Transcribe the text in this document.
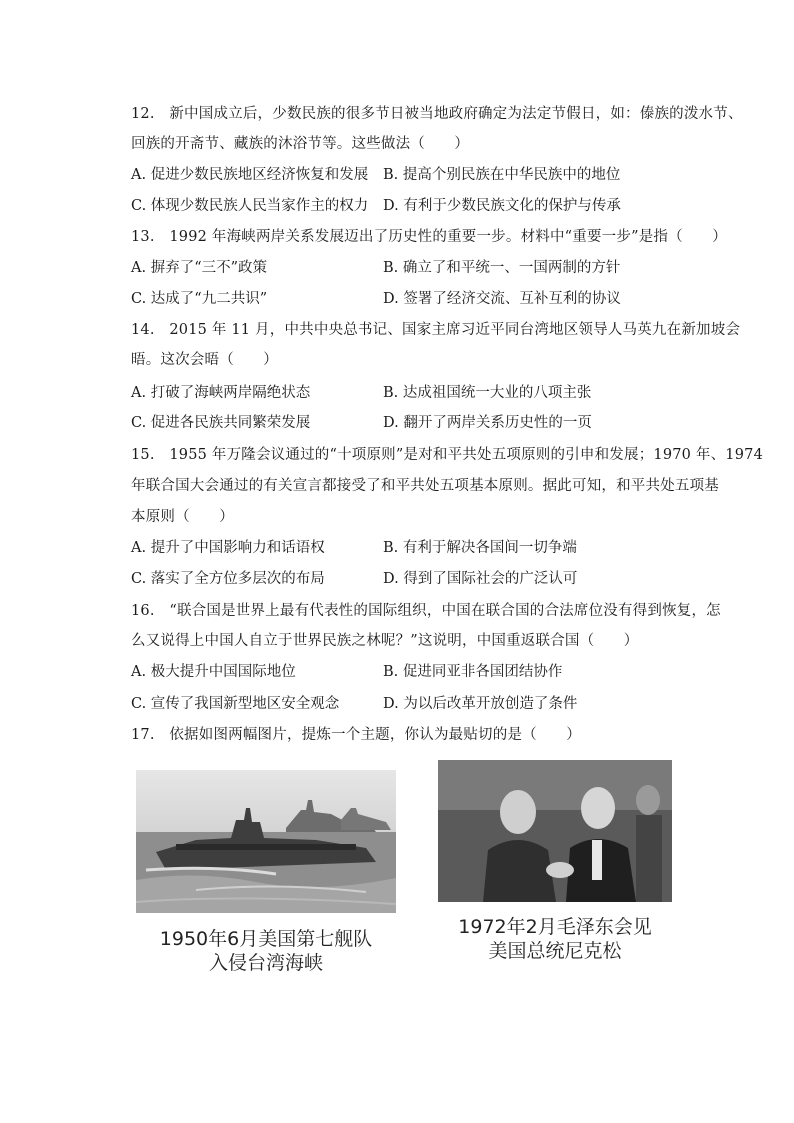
12.　新中国成立后，少数民族的很多节日被当地政府确定为法定节假日，如：傣族的泼水节、
回族的开斋节、藏族的沐浴节等。这些做法（　　）
A. 促进少数民族地区经济恢复和发展 B. 提高个别民族在中华民族中的地位
C. 体现少数民族人民当家作主的权力 D. 有利于少数民族文化的保护与传承
13.　1992 年海峡两岸关系发展迈出了历史性的重要一步。材料中“重要一步”是指（　　）
A. 摒弃了“三不”政策	B. 确立了和平统一、一国两制的方针
C. 达成了“九二共识”	D. 签署了经济交流、互补互利的协议
14.　2015 年 11 月，中共中央总书记、国家主席习近平同台湾地区领导人马英九在新加坡会
晤。这次会晤（　　）
A. 打破了海峡两岸隔绝状态	B. 达成祖国统一大业的八项主张
C. 促进各民族共同繁荣发展	D. 翻开了两岸关系历史性的一页
15.　1955 年万隆会议通过的“十项原则”是对和平共处五项原则的引申和发展；1970 年、1974
年联合国大会通过的有关宣言都接受了和平共处五项基本原则。据此可知，和平共处五项基
本原则（　　）
A. 提升了中国影响力和话语权	B. 有利于解决各国间一切争端
C. 落实了全方位多层次的布局	D. 得到了国际社会的广泛认可
16.　“联合国是世界上最有代表性的国际组织，中国在联合国的合法席位没有得到恢复，怎
么又说得上中国人自立于世界民族之林呢？”这说明，中国重返联合国（　　）
A. 极大提升中国国际地位	B. 促进同亚非各国团结协作
C. 宣传了我国新型地区安全观念	D. 为以后改革开放创造了条件
17.　依据如图两幅图片，提炼一个主题，你认为最贴切的是（　　）
1950年6月美国第七舰队
入侵台湾海峡
1972年2月毛泽东会见
美国总统尼克松
